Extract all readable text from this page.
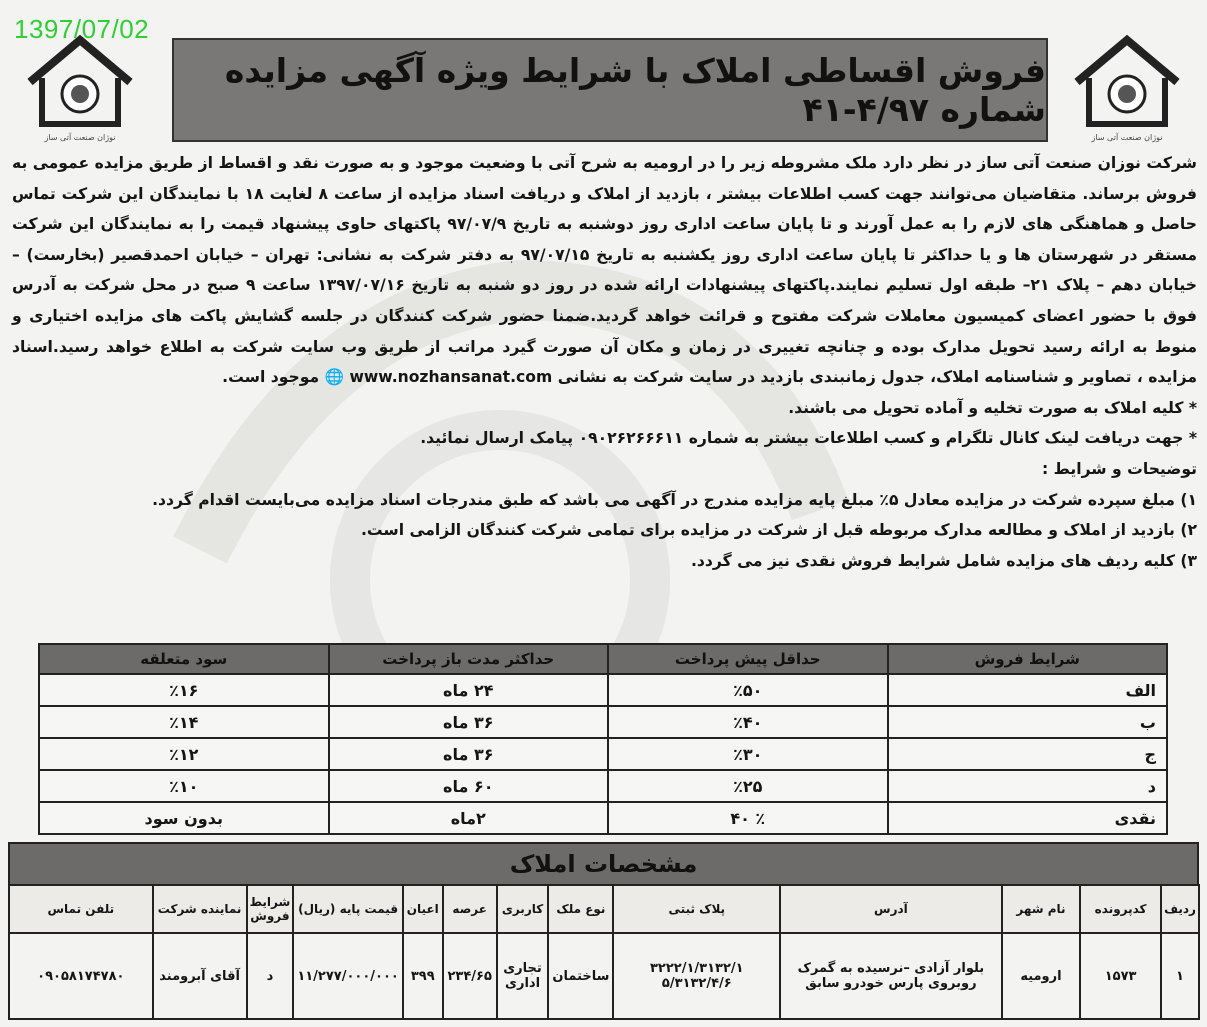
1397/07/02
نوژان صنعت آتی ساز	نوژان صنعت آتی ساز
فروش اقساطی املاک با شرایط ویژه آگهی مزایده شماره ۴/۹۷-۴۱

شرکت نوزان صنعت آتی ساز در نظر دارد ملک مشروطه زیر را در ارومیه به شرح آتی با وضعیت موجود و به صورت نقد و اقساط از طریق مزایده عمومی به فروش برساند. متقاضیان می‌توانند جهت کسب اطلاعات بیشتر ، بازدید از املاک و دریافت اسناد مزایده از ساعت ۸ لغایت ۱۸ با نمایندگان این شرکت تماس حاصل و هماهنگی های لازم را به عمل آورند و تا پایان ساعت اداری روز دوشنبه به تاریخ ۹۷/۰۷/۹ پاکتهای حاوی پیشنهاد قیمت را به نمایندگان این شرکت مستقر در شهرستان ها و یا حداکثر تا پایان ساعت اداری روز یکشنبه به تاریخ ۹۷/۰۷/۱۵ به دفتر شرکت به نشانی: تهران – خیابان احمدقصیر (بخارست) – خیابان دهم – پلاک ۲۱– طبقه اول تسلیم نمایند.پاکتهای پیشنهادات ارائه شده در روز دو شنبه به تاریخ ۱۳۹۷/۰۷/۱۶ ساعت ۹ صبح در محل شرکت به آدرس فوق با حضور اعضای کمیسیون معاملات شرکت مفتوح و قرائت خواهد گردید.ضمنا حضور شرکت کنندگان در جلسه گشایش پاکت های مزایده اختیاری و منوط به ارائه رسید تحویل مدارک بوده و چنانچه تغییری در زمان و مکان آن صورت گیرد مراتب از طریق وب سایت شرکت به اطلاع خواهد رسید.اسناد مزایده ، تصاویر و شناسنامه املاک، جدول زمانبندی بازدید در سایت شرکت به نشانی www.nozhansanat.com 🌐 موجود است.

* کلیه املاک به صورت تخلیه و آماده تحویل می باشند.

* جهت دریافت لینک کانال تلگرام و کسب اطلاعات بیشتر به شماره ۰۹۰۲۶۲۶۶۶۱۱ پیامک ارسال نمائید.

توضیحات و شرایط :

۱) مبلغ سپرده شرکت در مزایده معادل ۵٪ مبلغ پایه مزایده مندرج در آگهی می باشد که طبق مندرجات اسناد مزایده می‌بایست اقدام گردد.
۲) بازدید از املاک و مطالعه مدارک مربوطه قبل از شرکت در مزایده برای تمامی شرکت کنندگان الزامی است.
۳) کلیه ردیف های مزایده شامل شرایط فروش نقدی نیز می گردد.
شرایط فروش	حداقل پیش پرداخت	حداکثر مدت باز پرداخت	سود متعلقه
الف	٪۵۰	۲۴ ماه	٪۱۶
ب	٪۴۰	۳۶ ماه	٪۱۴
ج	٪۳۰	۳۶ ماه	٪۱۲
د	٪۲۵	۶۰ ماه	٪۱۰
نقدی	٪ ۴۰	۲ماه	بدون سود
مشخصات املاک
ردیف	کدپرونده	نام شهر	آدرس	پلاک ثبتی	نوع ملک	کاربری	عرصه	اعیان	قیمت پایه (ریال)	شرایط فروش	نماینده شرکت	تلفن تماس
۱	۱۵۷۳	ارومیه	بلوار آزادی –نرسیده به گمرک روبروی پارس خودرو سابق	۳۲۲۲/۱/۳۱۳۲/۱ ۵/۳۱۳۲/۴/۶	ساختمان	تجاری اداری	۲۳۴/۶۵	۳۹۹	۱۱/۲۷۷/۰۰۰/۰۰۰	د	آقای آبرومند	۰۹۰۵۸۱۷۴۷۸۰
